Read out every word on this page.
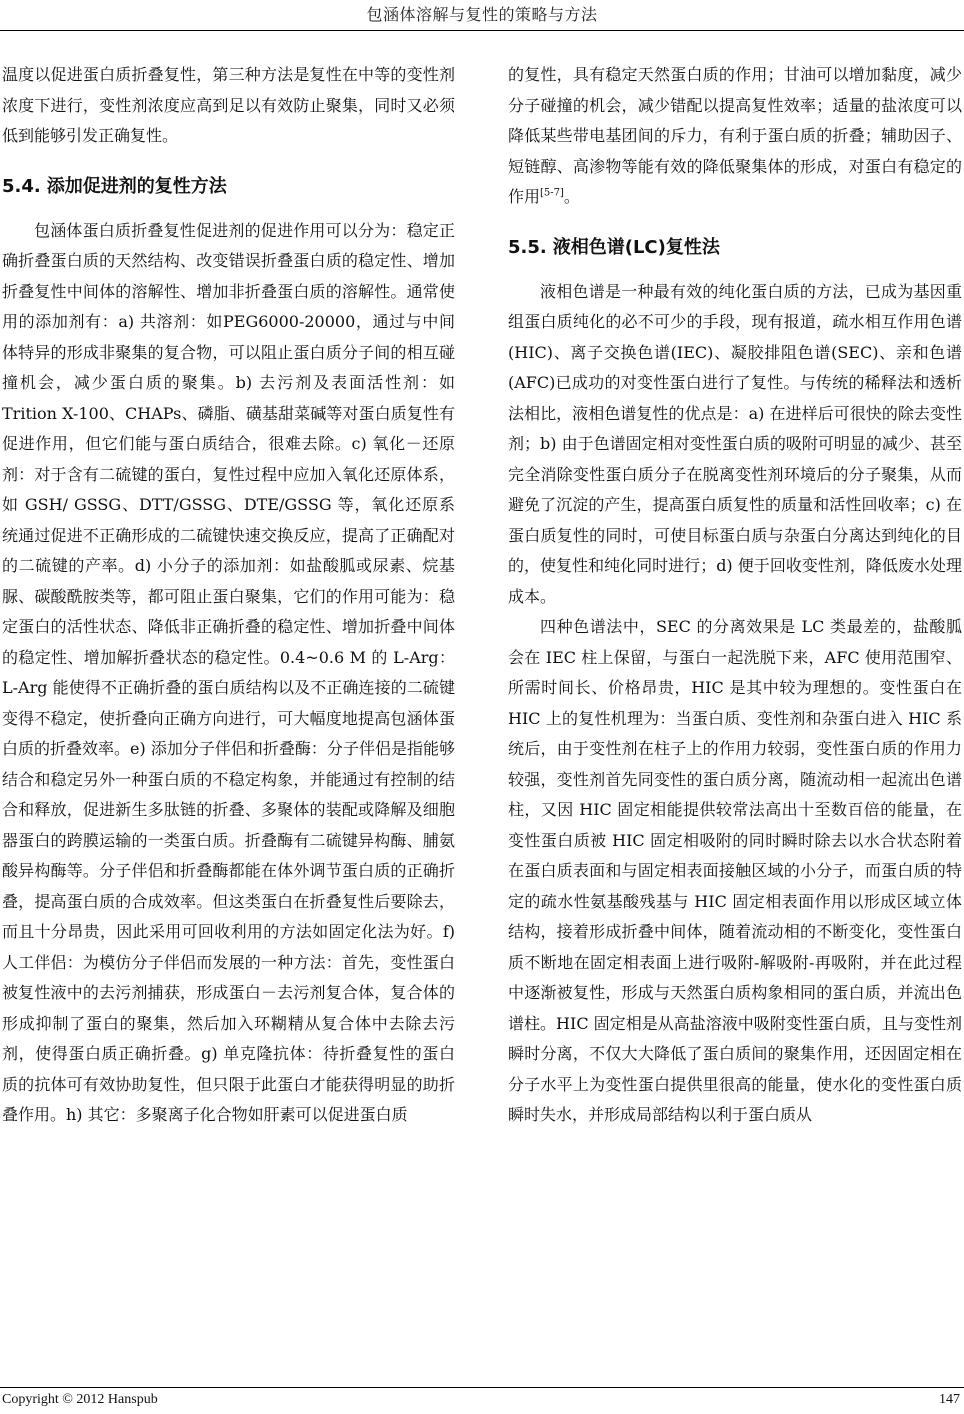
包涵体溶解与复性的策略与方法

温度以促进蛋白质折叠复性，第三种方法是复性在中等的变性剂浓度下进行，变性剂浓度应高到足以有效防止聚集，同时又必须低到能够引发正确复性。

5.4. 添加促进剂的复性方法

包涵体蛋白质折叠复性促进剂的促进作用可以分为：稳定正确折叠蛋白质的天然结构、改变错误折叠蛋白质的稳定性、增加折叠复性中间体的溶解性、增加非折叠蛋白质的溶解性。通常使用的添加剂有：a) 共溶剂：如PEG6000-20000，通过与中间体特异的形成非聚集的复合物，可以阻止蛋白质分子间的相互碰撞机会，减少蛋白质的聚集。b) 去污剂及表面活性剂：如Trition X-100、CHAPs、磷脂、磺基甜菜碱等对蛋白质复性有促进作用，但它们能与蛋白质结合，很难去除。c) 氧化－还原剂：对于含有二硫键的蛋白，复性过程中应加入氧化还原体系，如 GSH/ GSSG、DTT/GSSG、DTE/GSSG 等，氧化还原系统通过促进不正确形成的二硫键快速交换反应，提高了正确配对的二硫键的产率。d) 小分子的添加剂：如盐酸胍或尿素、烷基脲、碳酸酰胺类等，都可阻止蛋白聚集，它们的作用可能为：稳定蛋白的活性状态、降低非正确折叠的稳定性、增加折叠中间体的稳定性、增加解折叠状态的稳定性。0.4~0.6 M 的 L-Arg：L-Arg 能使得不正确折叠的蛋白质结构以及不正确连接的二硫键变得不稳定，使折叠向正确方向进行，可大幅度地提高包涵体蛋白质的折叠效率。e) 添加分子伴侣和折叠酶：分子伴侣是指能够结合和稳定另外一种蛋白质的不稳定构象，并能通过有控制的结合和释放，促进新生多肽链的折叠、多聚体的装配或降解及细胞器蛋白的跨膜运输的一类蛋白质。折叠酶有二硫键异构酶、脯氨酸异构酶等。分子伴侣和折叠酶都能在体外调节蛋白质的正确折叠，提高蛋白质的合成效率。但这类蛋白在折叠复性后要除去，而且十分昂贵，因此采用可回收利用的方法如固定化法为好。f) 人工伴侣：为模仿分子伴侣而发展的一种方法：首先，变性蛋白被复性液中的去污剂捕获，形成蛋白－去污剂复合体，复合体的形成抑制了蛋白的聚集，然后加入环糊精从复合体中去除去污剂，使得蛋白质正确折叠。g) 单克隆抗体：待折叠复性的蛋白质的抗体可有效协助复性，但只限于此蛋白才能获得明显的助折叠作用。h) 其它：多聚离子化合物如肝素可以促进蛋白质

的复性，具有稳定天然蛋白质的作用；甘油可以增加黏度，减少分子碰撞的机会，减少错配以提高复性效率；适量的盐浓度可以降低某些带电基团间的斥力，有利于蛋白质的折叠；辅助因子、短链醇、高渗物等能有效的降低聚集体的形成，对蛋白有稳定的作用[5-7]。

5.5. 液相色谱(LC)复性法

液相色谱是一种最有效的纯化蛋白质的方法，已成为基因重组蛋白质纯化的必不可少的手段，现有报道，疏水相互作用色谱(HIC)、离子交换色谱(IEC)、凝胶排阻色谱(SEC)、亲和色谱(AFC)已成功的对变性蛋白进行了复性。与传统的稀释法和透析法相比，液相色谱复性的优点是：a) 在进样后可很快的除去变性剂；b) 由于色谱固定相对变性蛋白质的吸附可明显的减少、甚至完全消除变性蛋白质分子在脱离变性剂环境后的分子聚集，从而避免了沉淀的产生，提高蛋白质复性的质量和活性回收率；c) 在蛋白质复性的同时，可使目标蛋白质与杂蛋白分离达到纯化的目的，使复性和纯化同时进行；d) 便于回收变性剂，降低废水处理成本。

四种色谱法中，SEC 的分离效果是 LC 类最差的，盐酸胍会在 IEC 柱上保留，与蛋白一起洗脱下来，AFC 使用范围窄、所需时间长、价格昂贵，HIC 是其中较为理想的。变性蛋白在 HIC 上的复性机理为：当蛋白质、变性剂和杂蛋白进入 HIC 系统后，由于变性剂在柱子上的作用力较弱，变性蛋白质的作用力较强，变性剂首先同变性的蛋白质分离，随流动相一起流出色谱柱，又因 HIC 固定相能提供较常法高出十至数百倍的能量，在变性蛋白质被 HIC 固定相吸附的同时瞬时除去以水合状态附着在蛋白质表面和与固定相表面接触区域的小分子，而蛋白质的特定的疏水性氨基酸残基与 HIC 固定相表面作用以形成区域立体结构，接着形成折叠中间体，随着流动相的不断变化，变性蛋白质不断地在固定相表面上进行吸附-解吸附-再吸附，并在此过程中逐渐被复性，形成与天然蛋白质构象相同的蛋白质，并流出色谱柱。HIC 固定相是从高盐溶液中吸附变性蛋白质，且与变性剂瞬时分离，不仅大大降低了蛋白质间的聚集作用，还因固定相在分子水平上为变性蛋白提供里很高的能量，使水化的变性蛋白质瞬时失水，并形成局部结构以利于蛋白质从

Copyright © 2012 Hanspub	147
